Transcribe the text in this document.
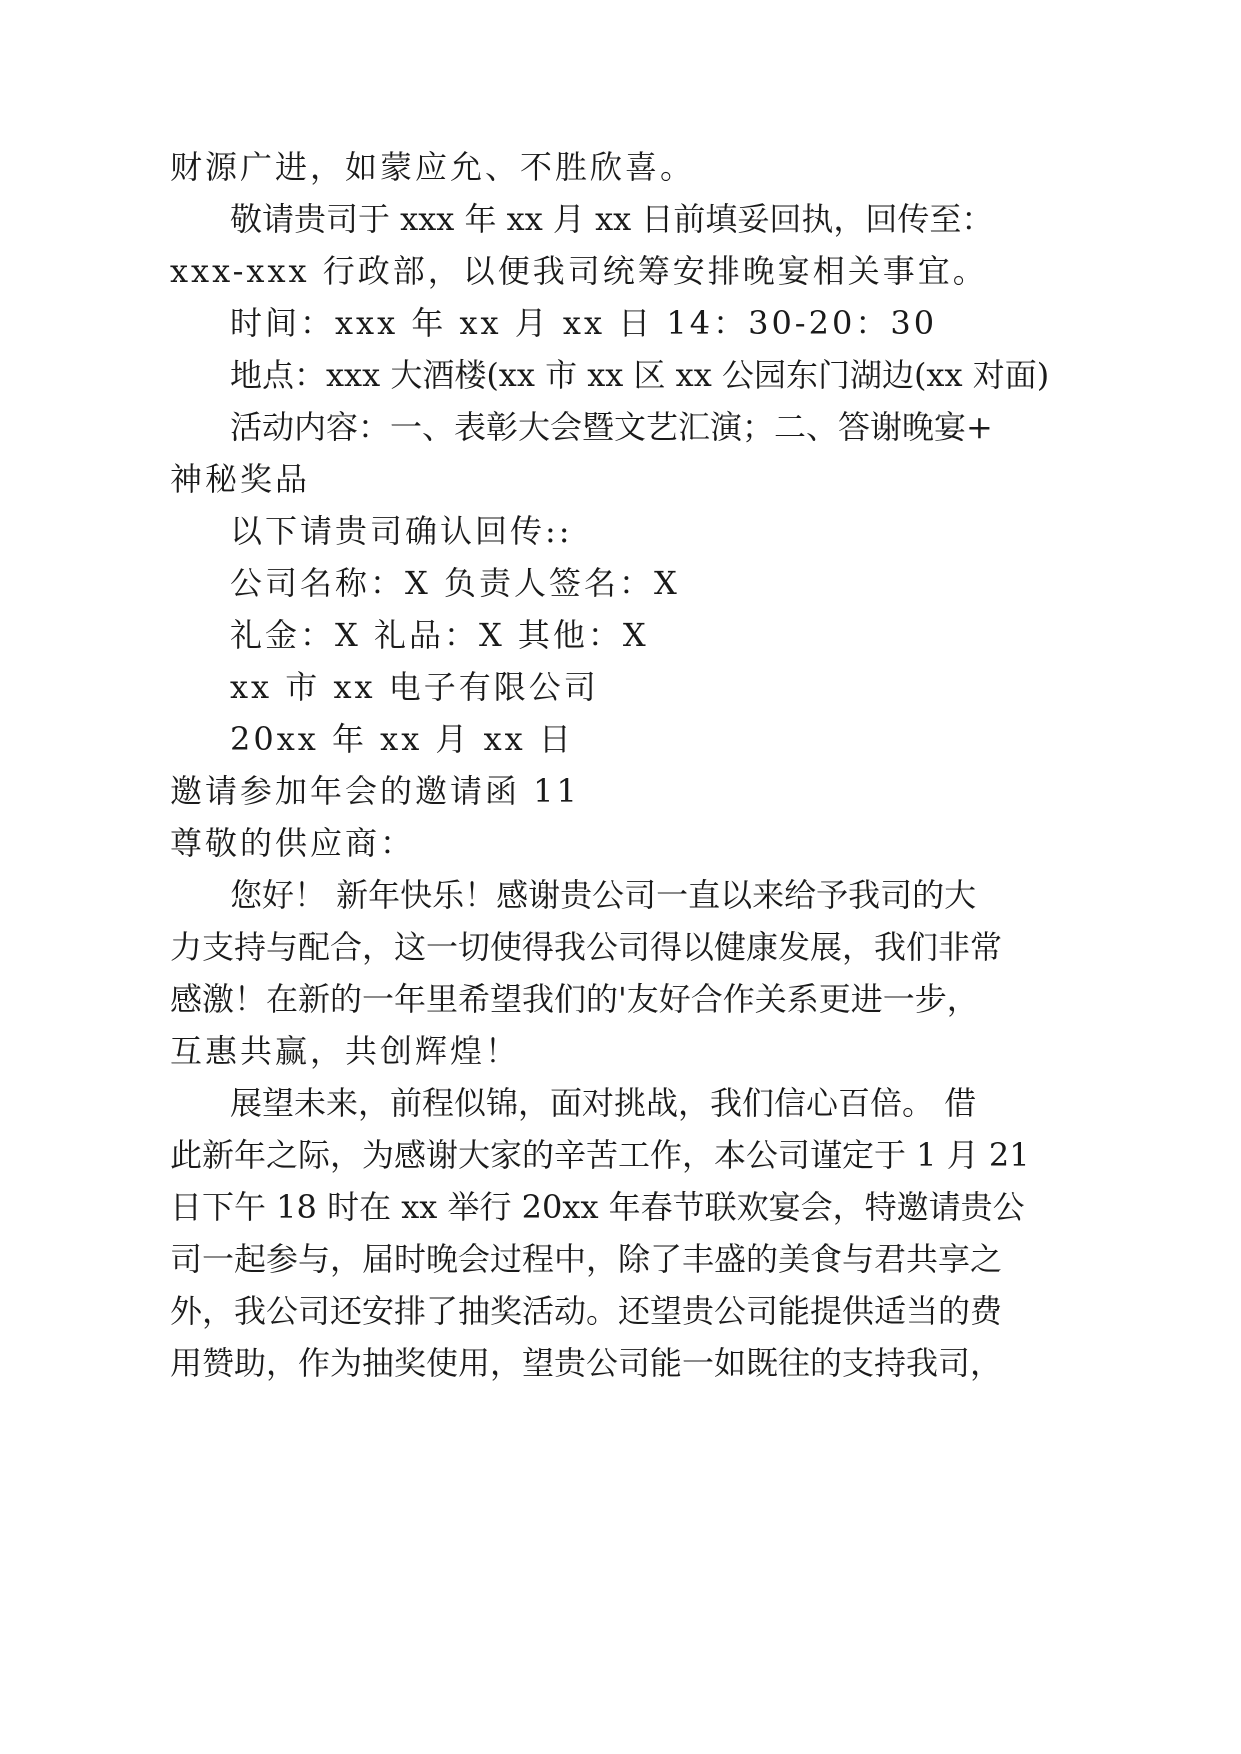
财源广进，如蒙应允、不胜欣喜。
敬请贵司于 xxx 年 xx 月 xx 日前填妥回执，回传至：
xxx-xxx 行政部，以便我司统筹安排晚宴相关事宜。
时间：xxx 年 xx 月 xx 日 14：30-20：30
地点：xxx 大酒楼(xx 市 xx 区 xx 公园东门湖边(xx 对面)
活动内容：一、表彰大会暨文艺汇演；二、答谢晚宴+
神秘奖品
以下请贵司确认回传::
公司名称：X 负责人签名：X
礼金：X 礼品：X 其他：X
xx 市 xx 电子有限公司
20xx 年 xx 月 xx 日
邀请参加年会的邀请函 11
尊敬的供应商：
您好！ 新年快乐！感谢贵公司一直以来给予我司的大
力支持与配合，这一切使得我公司得以健康发展，我们非常
感激！在新的一年里希望我们的'友好合作关系更进一步，
互惠共赢，共创辉煌！
展望未来，前程似锦，面对挑战，我们信心百倍。 借
此新年之际，为感谢大家的辛苦工作，本公司谨定于 1 月 21
日下午 18 时在 xx 举行 20xx 年春节联欢宴会，特邀请贵公
司一起参与，届时晚会过程中，除了丰盛的美食与君共享之
外，我公司还安排了抽奖活动。还望贵公司能提供适当的费
用赞助，作为抽奖使用，望贵公司能一如既往的支持我司，
